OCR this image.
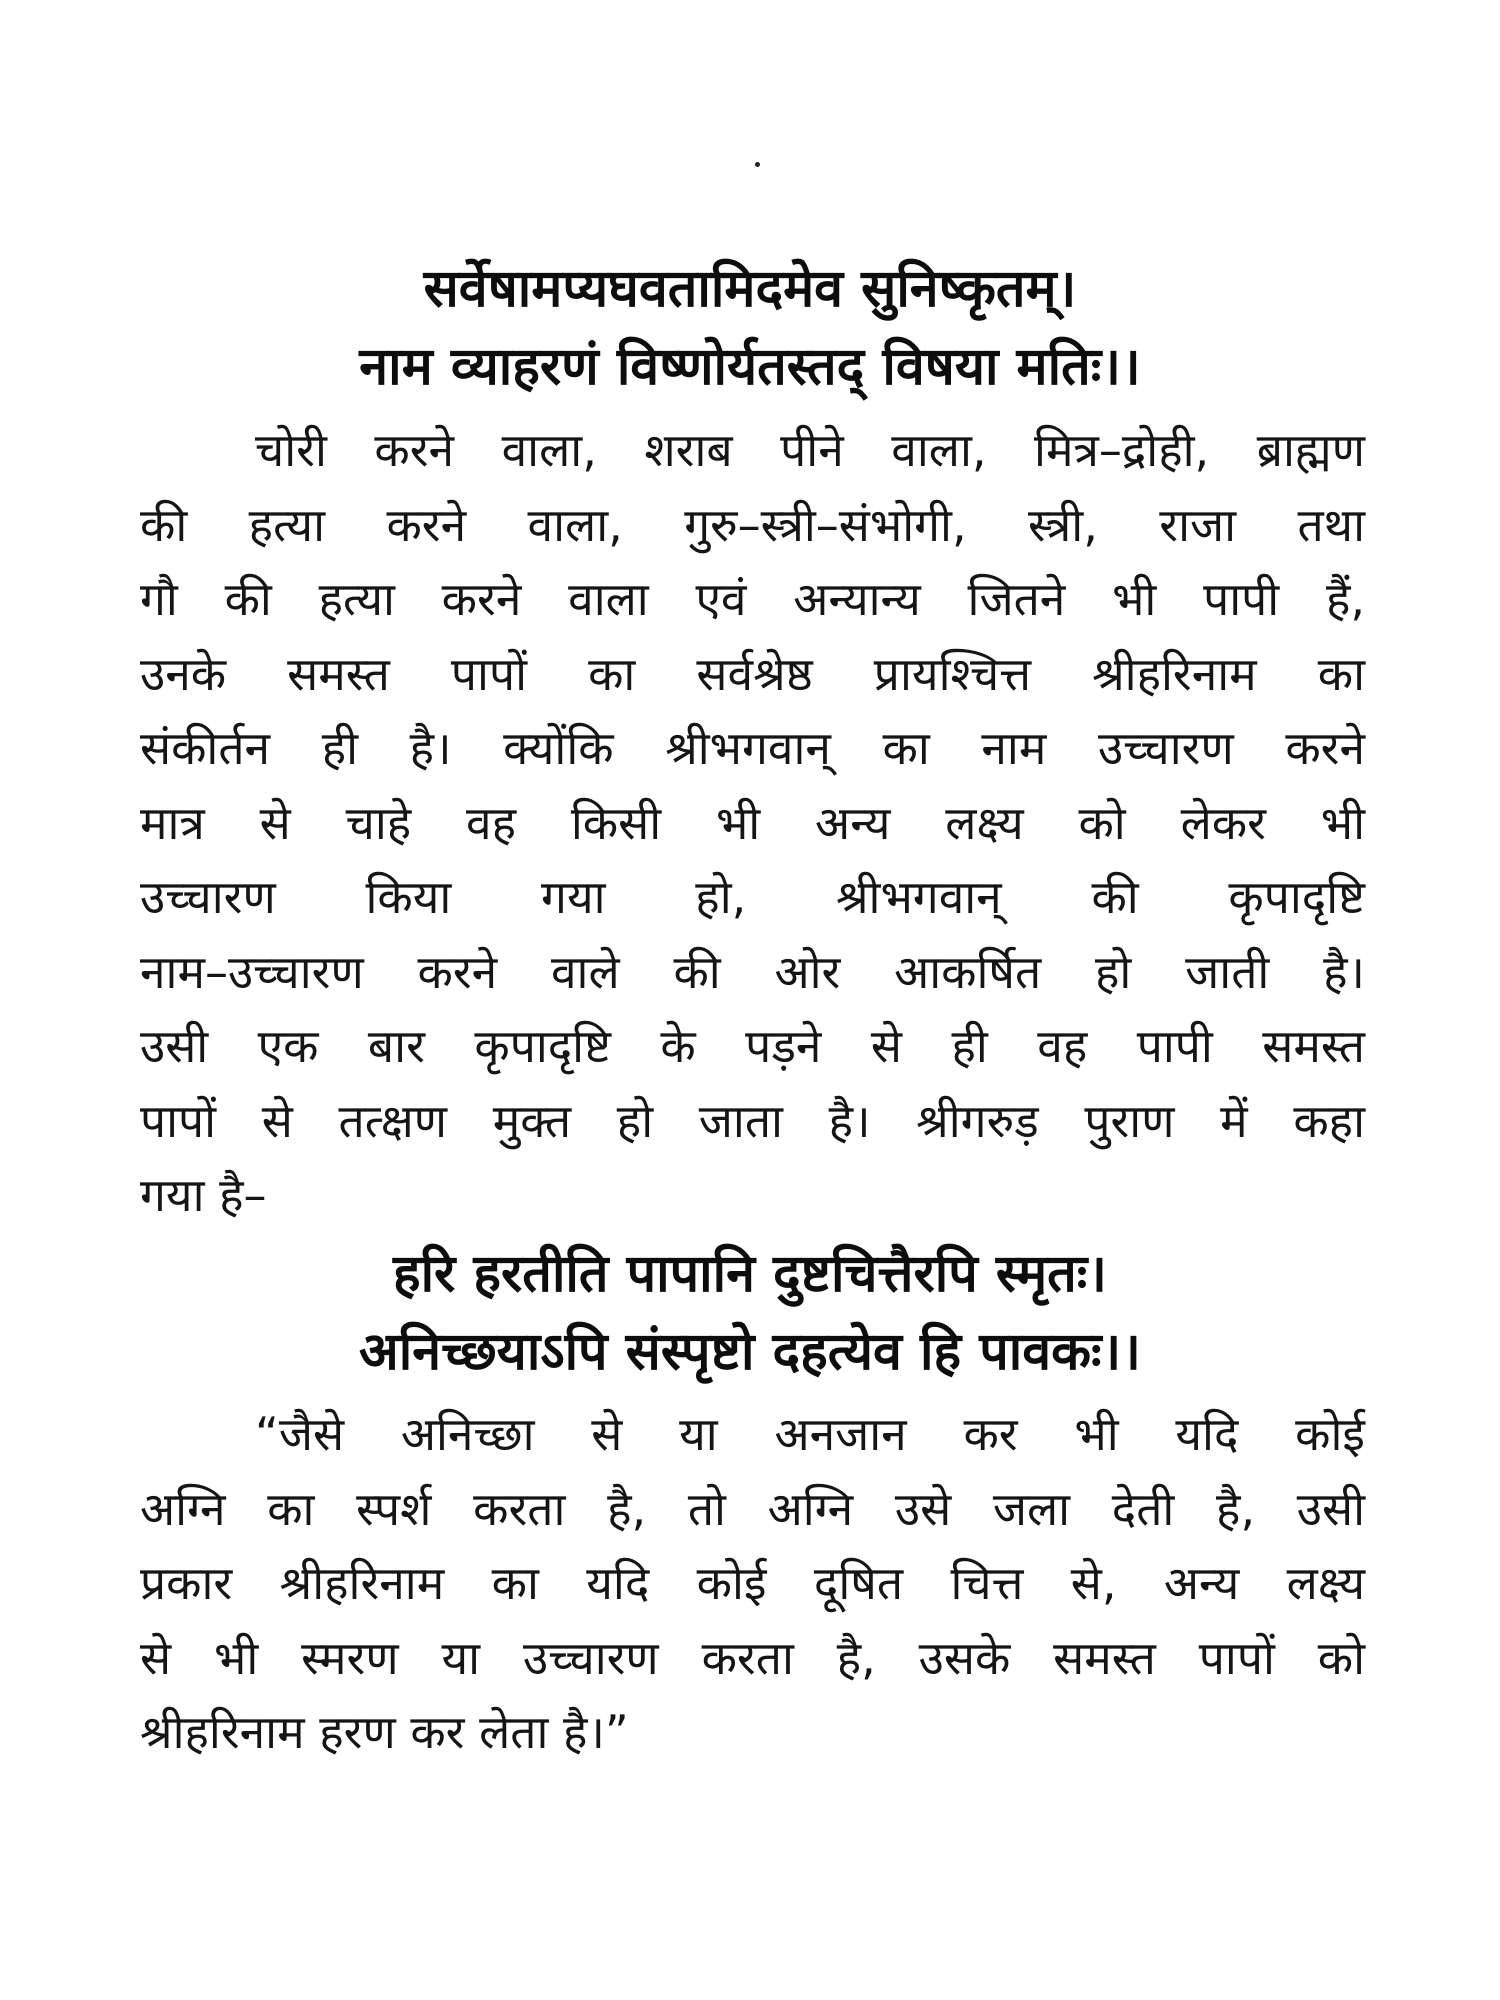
सर्वेषामप्यघवतामिदमेव सुनिष्कृतम्।
नाम व्याहरणं विष्णोर्यतस्तद् विषया मतिः।।
चोरी करने वाला, शराब पीने वाला, मित्र–द्रोही, ब्राह्मण
की हत्या करने वाला, गुरु–स्त्री–संभोगी, स्त्री, राजा तथा
गौ की हत्या करने वाला एवं अन्यान्य जितने भी पापी हैं,
उनके समस्त पापों का सर्वश्रेष्ठ प्रायश्चित्त श्रीहरिनाम का
संकीर्तन ही है। क्योंकि श्रीभगवान् का नाम उच्चारण करने
मात्र से चाहे वह किसी भी अन्य लक्ष्य को लेकर भी
उच्चारण किया गया हो, श्रीभगवान् की कृपादृष्टि
नाम–उच्चारण करने वाले की ओर आकर्षित हो जाती है।
उसी एक बार कृपादृष्टि के पड़ने से ही वह पापी समस्त
पापों से तत्क्षण मुक्त हो जाता है। श्रीगरुड़ पुराण में कहा
गया है–
हरि हरतीति पापानि दुष्टचित्तैरपि स्मृतः।
अनिच्छयाऽपि संस्पृष्टो दहत्येव हि पावकः।।
“जैसे अनिच्छा से या अनजान कर भी यदि कोई
अग्नि का स्पर्श करता है, तो अग्नि उसे जला देती है, उसी
प्रकार श्रीहरिनाम का यदि कोई दूषित चित्त से, अन्य लक्ष्य
से भी स्मरण या उच्चारण करता है, उसके समस्त पापों को
श्रीहरिनाम हरण कर लेता है।”
